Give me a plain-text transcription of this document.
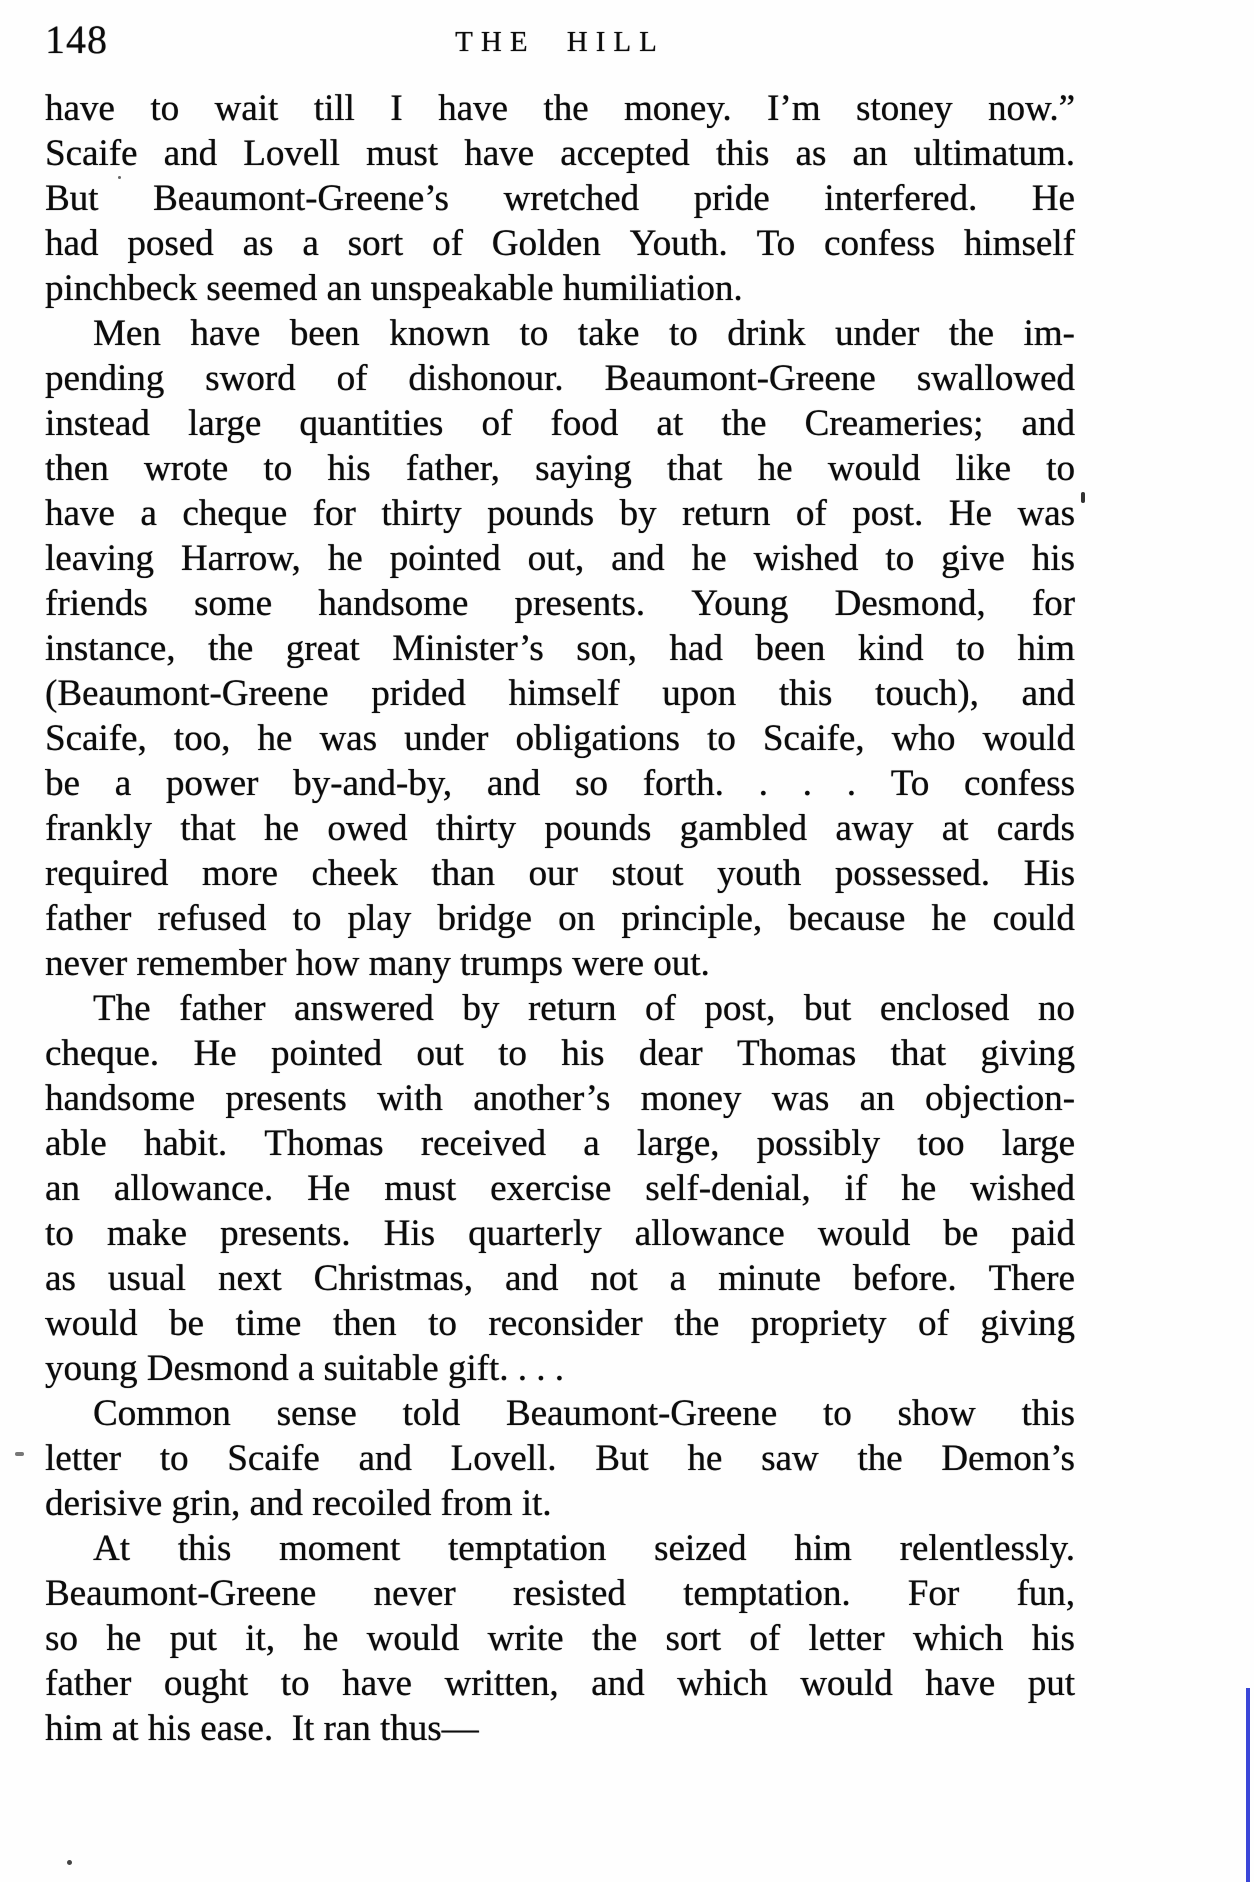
148	THE HILL
have to wait till I have the money. I’m stoney now.”
Scaife and Lovell must have accepted this as an ultimatum.
But Beaumont-Greene’s wretched pride interfered. He
had posed as a sort of Golden Youth. To confess himself
pinchbeck seemed an unspeakable humiliation.
Men have been known to take to drink under the im-
pending sword of dishonour. Beaumont-Greene swallowed
instead large quantities of food at the Creameries; and
then wrote to his father, saying that he would like to
have a cheque for thirty pounds by return of post. He was
leaving Harrow, he pointed out, and he wished to give his
friends some handsome presents. Young Desmond, for
instance, the great Minister’s son, had been kind to him
(Beaumont-Greene prided himself upon this touch), and
Scaife, too, he was under obligations to Scaife, who would
be a power by-and-by, and so forth. . . . To confess
frankly that he owed thirty pounds gambled away at cards
required more cheek than our stout youth possessed. His
father refused to play bridge on principle, because he could
never remember how many trumps were out.
The father answered by return of post, but enclosed no
cheque. He pointed out to his dear Thomas that giving
handsome presents with another’s money was an objection-
able habit. Thomas received a large, possibly too large
an allowance. He must exercise self-denial, if he wished
to make presents. His quarterly allowance would be paid
as usual next Christmas, and not a minute before. There
would be time then to reconsider the propriety of giving
young Desmond a suitable gift. . . .
Common sense told Beaumont-Greene to show this
letter to Scaife and Lovell. But he saw the Demon’s
derisive grin, and recoiled from it.
At this moment temptation seized him relentlessly.
Beaumont-Greene never resisted temptation. For fun,
so he put it, he would write the sort of letter which his
father ought to have written, and which would have put
him at his ease.  It ran thus—
